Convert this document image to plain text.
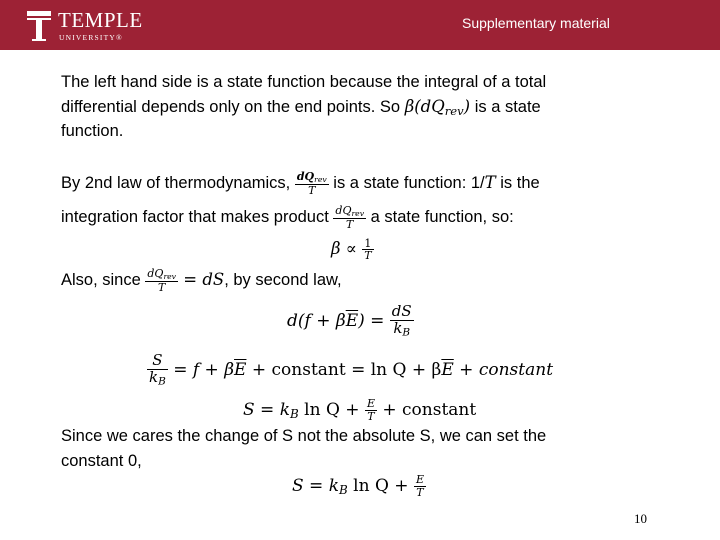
TEMPLE
UNIVERSITY®
Supplementary material
The left hand side is a state function because the integral of a total
differential depends only on the end points. So $\beta(dQ_{rev})$ is a state
function.
By 2nd law of thermodynamics, $\frac{dQ_{rev}}{T}$ is a state function: 1/T is the
integration factor that makes product $\frac{dQ_{rev}}{T}$ a state function, so:
$\beta \propto \frac{1}{T}$
Also, since $\frac{dQ_{rev}}{T}$ = dS, by second law,
$d(f + \beta\overline{E}) = \frac{dS}{k_B}$
$\frac{S}{k_B} = f + \beta\overline{E}$ + constant = $\ln Q + \beta\overline{E}$ + constant
$S = k_B$ $\ln Q + \frac{E}{T}$ + constant
Since we cares the change of S not the absolute S, we can set the
constant 0,
$S = k_B$ $\ln Q + \frac{E}{T}$
10
